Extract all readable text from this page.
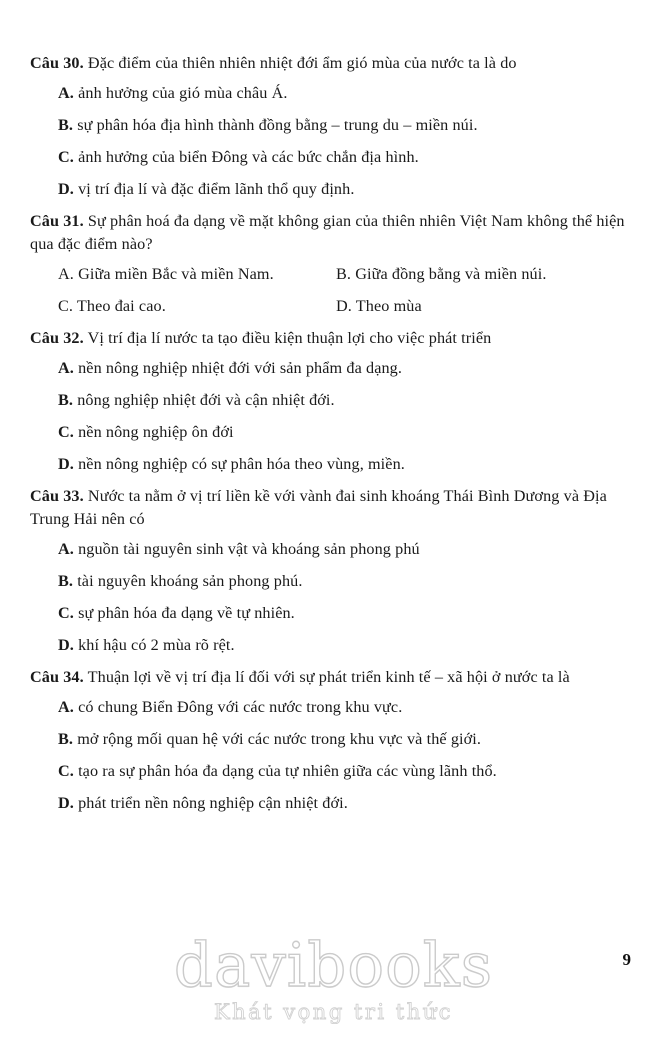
Câu 30. Đặc điểm của thiên nhiên nhiệt đới ẩm gió mùa của nước ta là do

A. ảnh hưởng của gió mùa châu Á.

B. sự phân hóa địa hình thành đồng bằng – trung du – miền núi.

C. ảnh hưởng của biển Đông và các bức chắn địa hình.

D. vị trí địa lí và đặc điểm lãnh thổ quy định.

Câu 31. Sự phân hoá đa dạng về mặt không gian của thiên nhiên Việt Nam không thể hiện qua đặc điểm nào?

A. Giữa miền Bắc và miền Nam.	B. Giữa đồng bằng và miền núi.
C. Theo đai cao.	D. Theo mùa

Câu 32. Vị trí địa lí nước ta tạo điều kiện thuận lợi cho việc phát triển

A. nền nông nghiệp nhiệt đới với sản phẩm đa dạng.

B. nông nghiệp nhiệt đới và cận nhiệt đới.

C. nền nông nghiệp ôn đới

D. nền nông nghiệp có sự phân hóa theo vùng, miền.

Câu 33. Nước ta nằm ở vị trí liền kề với vành đai sinh khoáng Thái Bình Dương và Địa Trung Hải nên có

A. nguồn tài nguyên sinh vật và khoáng sản phong phú

B. tài nguyên khoáng sản phong phú.

C. sự phân hóa đa dạng về tự nhiên.

D. khí hậu có 2 mùa rõ rệt.

Câu 34. Thuận lợi về vị trí địa lí đối với sự phát triển kinh tế – xã hội ở nước ta là

A. có chung Biển Đông với các nước trong khu vực.

B. mở rộng mối quan hệ với các nước trong khu vực và thế giới.

C. tạo ra sự phân hóa đa dạng của tự nhiên giữa các vùng lãnh thổ.

D. phát triển nền nông nghiệp cận nhiệt đới.

davibooks
Khát vọng tri thức
9
